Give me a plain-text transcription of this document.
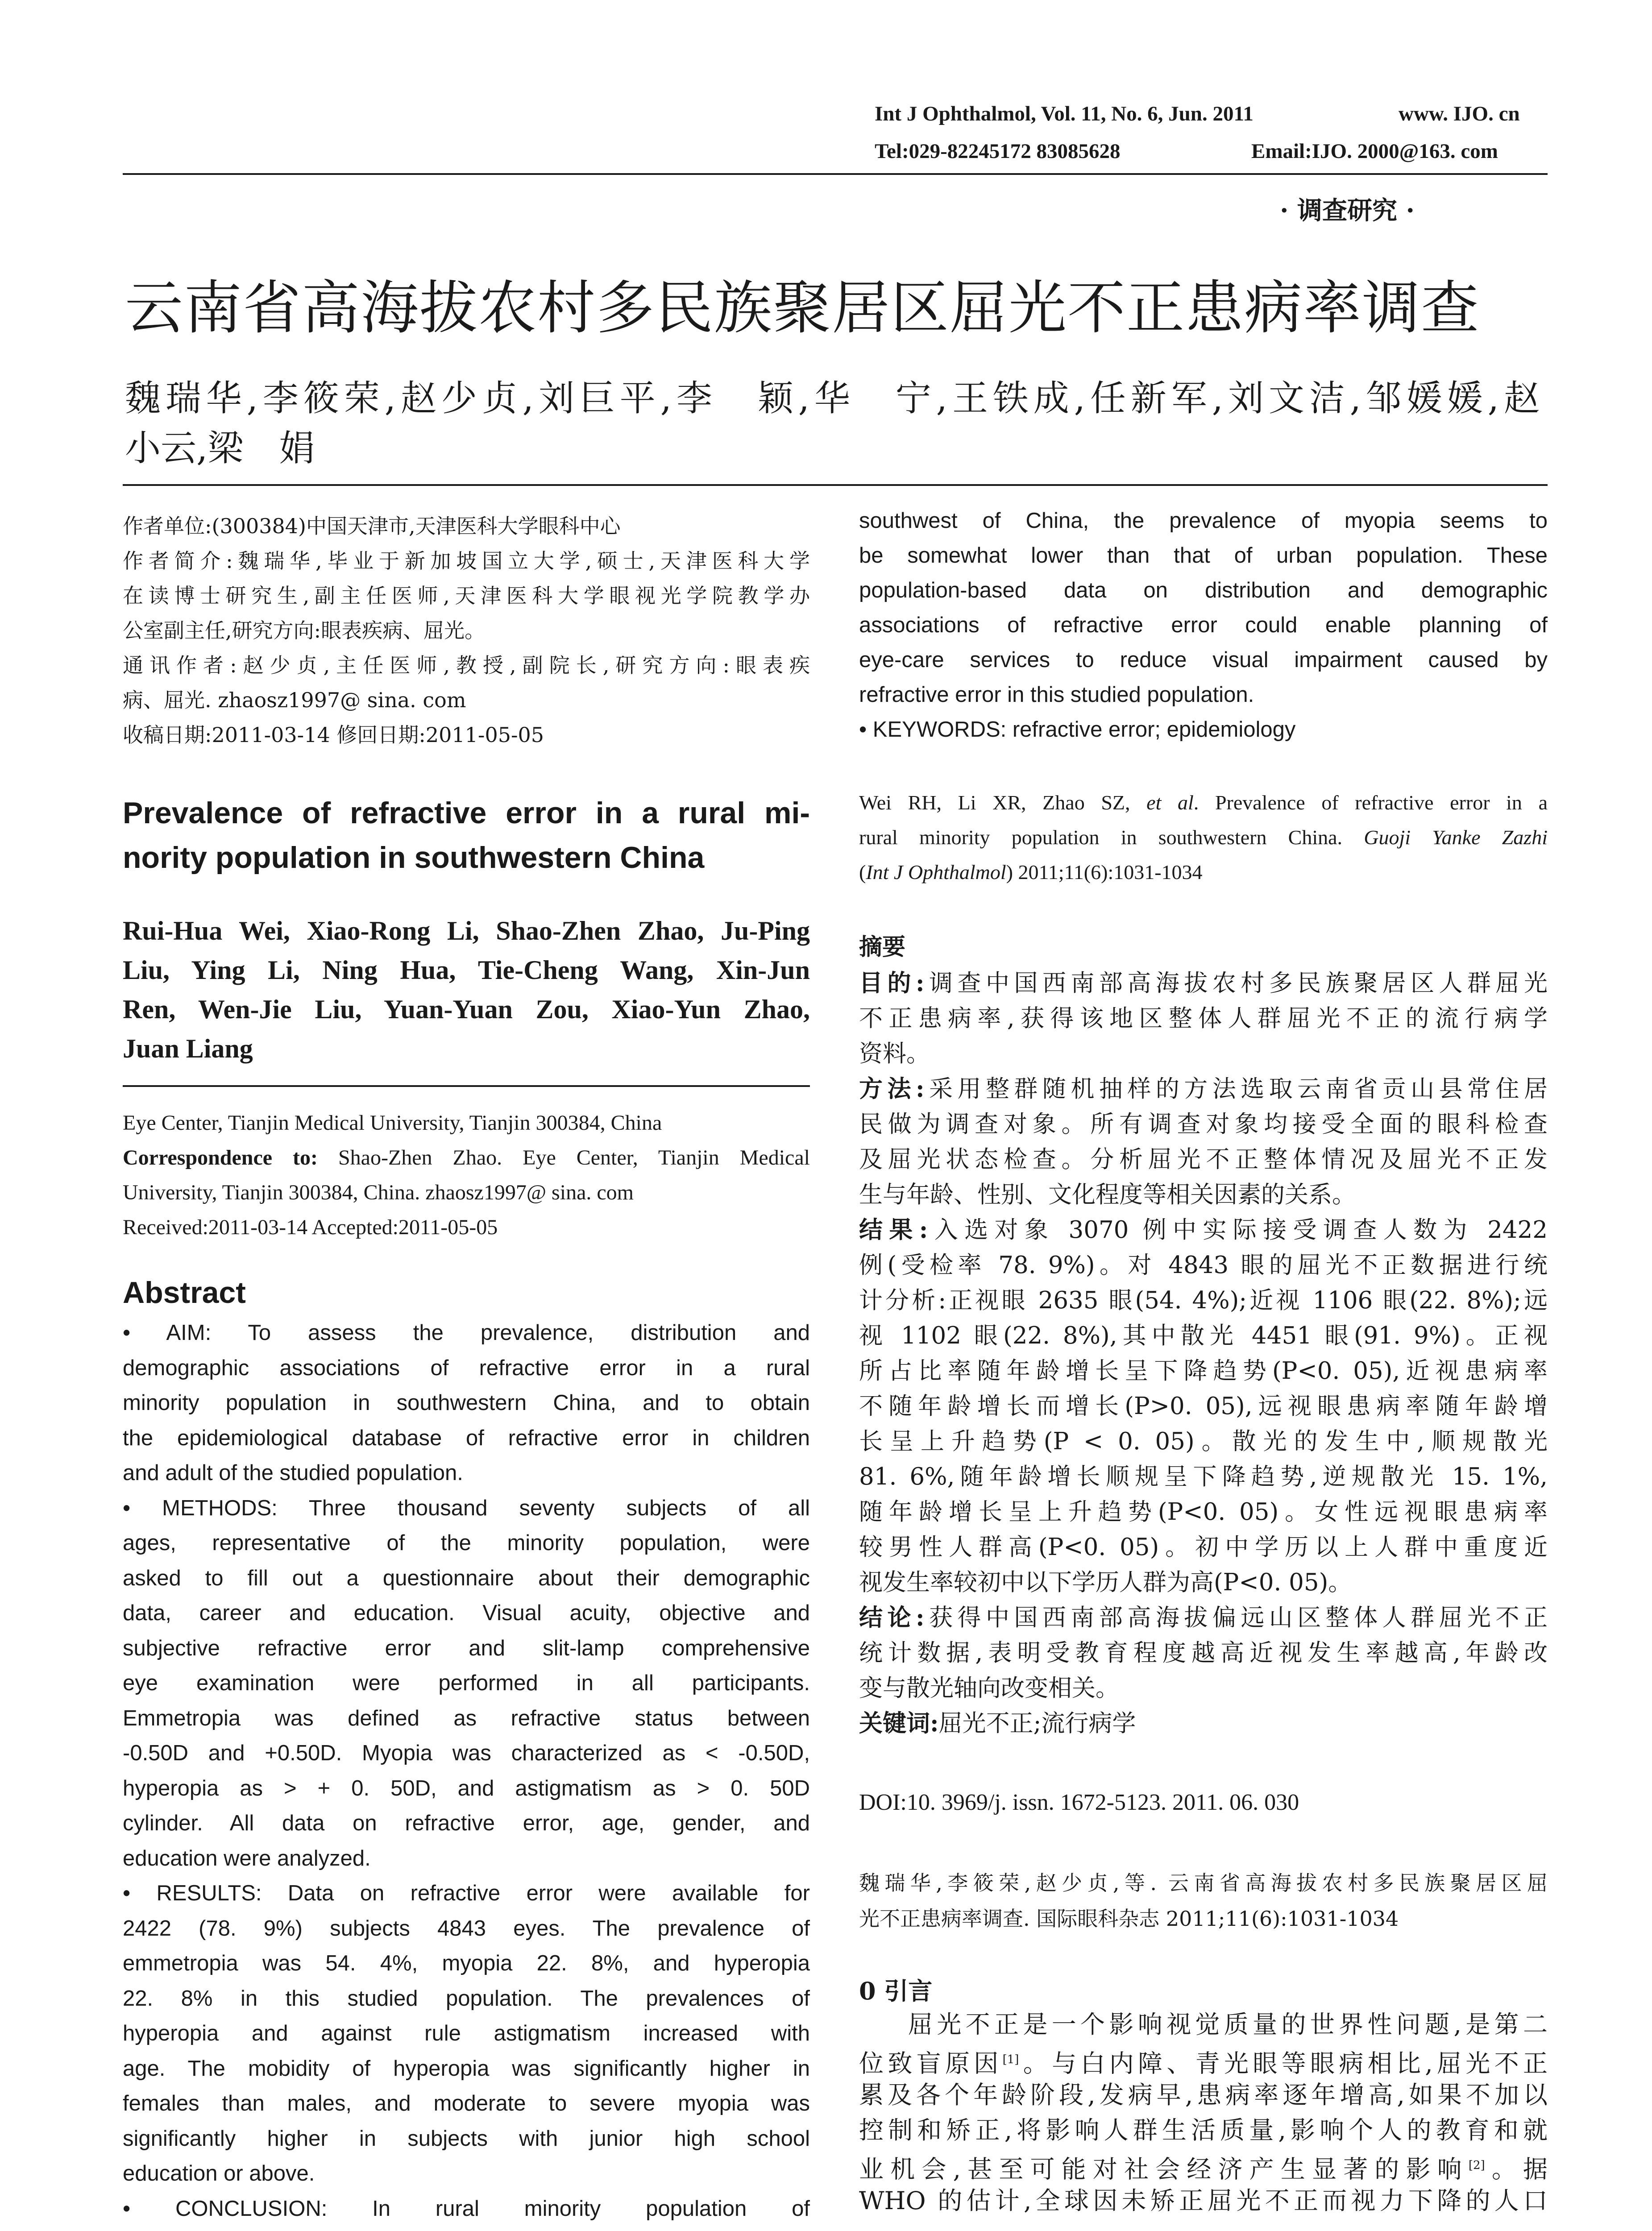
Int J Ophthalmol, Vol. 11, No. 6, Jun. 2011	www. IJO. cn
Tel:029-82245172 83085628	Email:IJO. 2000@163. com
· 调查研究 ·
云南省高海拔农村多民族聚居区屈光不正患病率调查
魏瑞华,李筱荣,赵少贞,刘巨平,李　颖,华　宁,王铁成,任新军,刘文洁,邹媛媛,赵
小云,梁　娟
作者单位:(300384)中国天津市,天津医科大学眼科中心
作者简介:魏瑞华,毕业于新加坡国立大学,硕士,天津医科大学
在读博士研究生,副主任医师,天津医科大学眼视光学院教学办
公室副主任,研究方向:眼表疾病、屈光。
通讯作者:赵少贞,主任医师,教授,副院长,研究方向:眼表疾
病、屈光. zhaosz1997@ sina. com
收稿日期:2011-03-14 修回日期:2011-05-05
Prevalence of refractive error in a rural mi-
nority population in southwestern China
Rui-Hua Wei, Xiao-Rong Li, Shao-Zhen Zhao, Ju-Ping
Liu, Ying Li, Ning Hua, Tie-Cheng Wang, Xin-Jun
Ren, Wen-Jie Liu, Yuan-Yuan Zou, Xiao-Yun Zhao,
Juan Liang
Eye Center, Tianjin Medical University, Tianjin 300384, China
Correspondence to: Shao-Zhen Zhao. Eye Center, Tianjin Medical
University, Tianjin 300384, China. zhaosz1997@ sina. com
Received:2011-03-14 Accepted:2011-05-05
Abstract
• AIM: To assess the prevalence, distribution and
demographic associations of refractive error in a rural
minority population in southwestern China, and to obtain
the epidemiological database of refractive error in children
and adult of the studied population.
• METHODS: Three thousand seventy subjects of all
ages, representative of the minority population, were
asked to fill out a questionnaire about their demographic
data, career and education. Visual acuity, objective and
subjective refractive error and slit-lamp comprehensive
eye examination were performed in all participants.
Emmetropia was defined as refractive status between
-0.50D and +0.50D. Myopia was characterized as < -0.50D,
hyperopia as > + 0. 50D, and astigmatism as > 0. 50D
cylinder. All data on refractive error, age, gender, and
education were analyzed.
• RESULTS: Data on refractive error were available for
2422 (78. 9%) subjects 4843 eyes. The prevalence of
emmetropia was 54. 4%, myopia 22. 8%, and hyperopia
22. 8% in this studied population. The prevalences of
hyperopia and against rule astigmatism increased with
age. The mobidity of hyperopia was significantly higher in
females than males, and moderate to severe myopia was
significantly higher in subjects with junior high school
education or above.
• CONCLUSION: In rural minority population of
southwest of China, the prevalence of myopia seems to
be somewhat lower than that of urban population. These
population-based data on distribution and demographic
associations of refractive error could enable planning of
eye-care services to reduce visual impairment caused by
refractive error in this studied population.
• KEYWORDS: refractive error; epidemiology
Wei RH, Li XR, Zhao SZ, et al. Prevalence of refractive error in a
rural minority population in southwestern China. Guoji Yanke Zazhi
(Int J Ophthalmol) 2011;11(6):1031-1034
摘要
目的:调查中国西南部高海拔农村多民族聚居区人群屈光
不正患病率,获得该地区整体人群屈光不正的流行病学
资料。
方法:采用整群随机抽样的方法选取云南省贡山县常住居
民做为调查对象。所有调查对象均接受全面的眼科检查
及屈光状态检查。分析屈光不正整体情况及屈光不正发
生与年龄、性别、文化程度等相关因素的关系。
结果:入选对象 3070 例中实际接受调查人数为 2422
例(受检率 78. 9%)。对 4843 眼的屈光不正数据进行统
计分析:正视眼 2635 眼(54. 4%);近视 1106 眼(22. 8%);远
视 1102 眼(22. 8%),其中散光 4451 眼(91. 9%)。正视
所占比率随年龄增长呈下降趋势(P<0. 05),近视患病率
不随年龄增长而增长(P>0. 05),远视眼患病率随年龄增
长呈上升趋势(P < 0. 05)。散光的发生中,顺规散光
81. 6%,随年龄增长顺规呈下降趋势,逆规散光 15. 1%,
随年龄增长呈上升趋势(P<0. 05)。女性远视眼患病率
较男性人群高(P<0. 05)。初中学历以上人群中重度近
视发生率较初中以下学历人群为高(P<0. 05)。
结论:获得中国西南部高海拔偏远山区整体人群屈光不正
统计数据,表明受教育程度越高近视发生率越高,年龄改
变与散光轴向改变相关。
关键词:屈光不正;流行病学
DOI:10. 3969/j. issn. 1672-5123. 2011. 06. 030
魏瑞华,李筱荣,赵少贞,等. 云南省高海拔农村多民族聚居区屈
光不正患病率调查. 国际眼科杂志 2011;11(6):1031-1034
0 引言
屈光不正是一个影响视觉质量的世界性问题,是第二
位致盲原因[1]。与白内障、青光眼等眼病相比,屈光不正
累及各个年龄阶段,发病早,患病率逐年增高,如果不加以
控制和矫正,将影响人群生活质量,影响个人的教育和就
业机会,甚至可能对社会经济产生显著的影响[2]。据
WHO 的估计,全球因未矫正屈光不正而视力下降的人口
